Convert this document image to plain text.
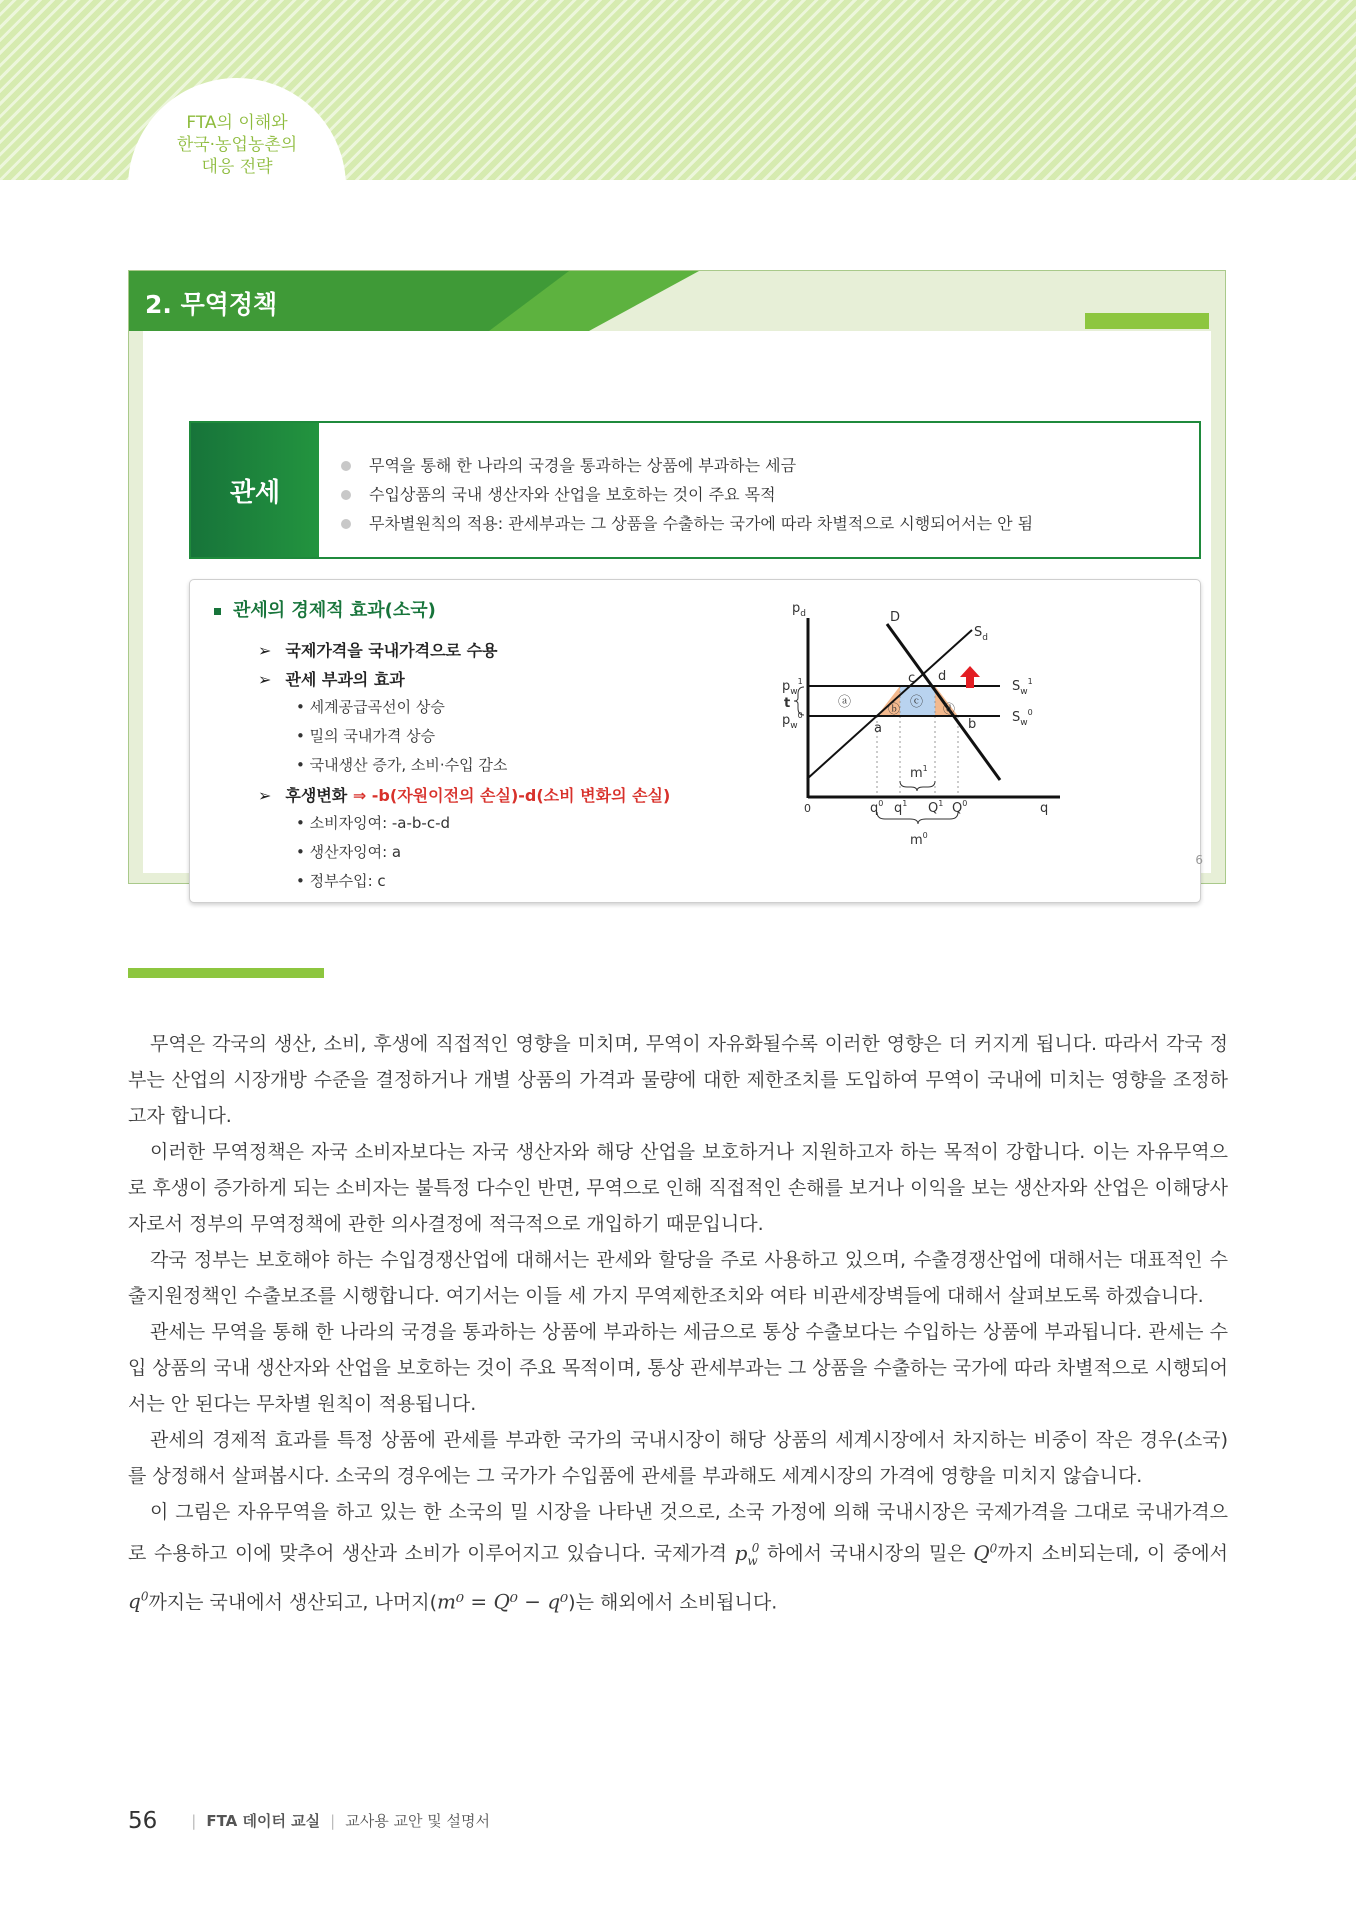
FTA의 이해와
한국·농업농촌의
대응 전략
2. 무역정책
관세
무역을 통해 한 나라의 국경을 통과하는 상품에 부과하는 세금
수입상품의 국내 생산자와 산업을 보호하는 것이 주요 목적
무차별원칙의 적용: 관세부과는 그 상품을 수출하는 국가에 따라 차별적으로 시행되어서는 안 됨
관세의 경제적 효과(소국)
➢ 국제가격을 국내가격으로 수용
➢ 관세 부과의 효과
• 세계공급곡선이 상승
• 밀의 국내가격 상승
• 국내생산 증가, 소비·수입 감소
➢ 후생변화 ⇒ -b(자원이전의 손실)-d(소비 변화의 손실)
• 소비자잉여: -a-b-c-d
• 생산자잉여: a
• 정부수입: c
$p_d$	D
$S_d$
c d
$p_w^1$
t
$p_w^0$
$S_w^1$
$S_w^0$
ⓐ	ⓑ ⓒ ⓓ
a	b
$m^1$
0	$q^0$ $q^1$ $Q^1$ $Q^0$	q
$m^0$
6

무역은 각국의 생산, 소비, 후생에 직접적인 영향을 미치며, 무역이 자유화될수록 이러한 영향은 더 커지게 됩니다. 따라서 각국 정부는 산업의 시장개방 수준을 결정하거나 개별 상품의 가격과 물량에 대한 제한조치를 도입하여 무역이 국내에 미치는 영향을 조정하고자 합니다.

이러한 무역정책은 자국 소비자보다는 자국 생산자와 해당 산업을 보호하거나 지원하고자 하는 목적이 강합니다. 이는 자유무역으로 후생이 증가하게 되는 소비자는 불특정 다수인 반면, 무역으로 인해 직접적인 손해를 보거나 이익을 보는 생산자와 산업은 이해당사자로서 정부의 무역정책에 관한 의사결정에 적극적으로 개입하기 때문입니다.

각국 정부는 보호해야 하는 수입경쟁산업에 대해서는 관세와 할당을 주로 사용하고 있으며, 수출경쟁산업에 대해서는 대표적인 수출지원정책인 수출보조를 시행합니다. 여기서는 이들 세 가지 무역제한조치와 여타 비관세장벽들에 대해서 살펴보도록 하겠습니다.

관세는 무역을 통해 한 나라의 국경을 통과하는 상품에 부과하는 세금으로 통상 수출보다는 수입하는 상품에 부과됩니다. 관세는 수입 상품의 국내 생산자와 산업을 보호하는 것이 주요 목적이며, 통상 관세부과는 그 상품을 수출하는 국가에 따라 차별적으로 시행되어서는 안 된다는 무차별 원칙이 적용됩니다.

관세의 경제적 효과를 특정 상품에 관세를 부과한 국가의 국내시장이 해당 상품의 세계시장에서 차지하는 비중이 작은 경우(소국)를 상정해서 살펴봅시다. 소국의 경우에는 그 국가가 수입품에 관세를 부과해도 세계시장의 가격에 영향을 미치지 않습니다.

이 그림은 자유무역을 하고 있는 한 소국의 밀 시장을 나타낸 것으로, 소국 가정에 의해 국내시장은 국제가격을 그대로 국내가격으로 수용하고 이에 맞추어 생산과 소비가 이루어지고 있습니다. 국제가격 $p_w^0$ 하에서 국내시장의 밀은 $Q^0$까지 소비되는데, 이 중에서 $q^0$까지는 국내에서 생산되고, 나머지(m⁰ = Q⁰ − q⁰)는 해외에서 소비됩니다.

56 | FTA 데이터 교실 | 교사용 교안 및 설명서
